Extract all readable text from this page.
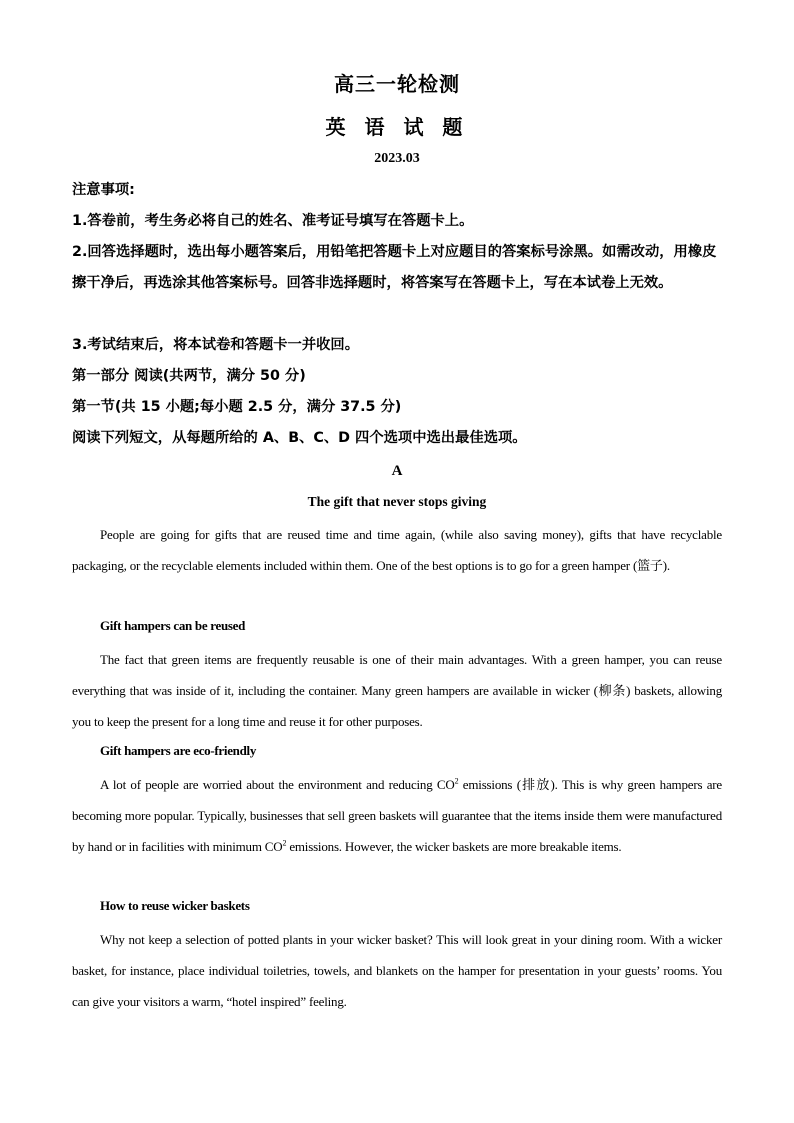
高三一轮检测
英 语 试 题
2023.03
注意事项:
1.答卷前，考生务必将自己的姓名、准考证号填写在答题卡上。
2.回答选择题时，选出每小题答案后，用铅笔把答题卡上对应题目的答案标号涂黑。如需改动，用橡皮擦干净后，再选涂其他答案标号。回答非选择题时，将答案写在答题卡上，写在本试卷上无效。
3.考试结束后，将本试卷和答题卡一并收回。
第一部分 阅读(共两节，满分 50 分)
第一节(共 15 小题;每小题 2.5 分，满分 37.5 分)
阅读下列短文，从每题所给的 A、B、C、D 四个选项中选出最佳选项。
A
The gift that never stops giving

People are going for gifts that are reused time and time again, (while also saving money), gifts that have recyclable packaging, or the recyclable elements included within them. One of the best options is to go for a green hamper (篮子).

Gift hampers can be reused

The fact that green items are frequently reusable is one of their main advantages. With a green hamper, you can reuse everything that was inside of it, including the container. Many green hampers are available in wicker (柳条) baskets, allowing you to keep the present for a long time and reuse it for other purposes.

Gift hampers are eco-friendly

A lot of people are worried about the environment and reducing $CO^2$ emissions (排放). This is why green hampers are becoming more popular. Typically, businesses that sell green baskets will guarantee that the items inside them were manufactured by hand or in facilities with minimum $CO^2$ emissions. However, the wicker baskets are more breakable items.

How to reuse wicker baskets

Why not keep a selection of potted plants in your wicker basket? This will look great in your dining room. With a wicker basket, for instance, place individual toiletries, towels, and blankets on the hamper for presentation in your guests’ rooms. You can give your visitors a warm, “hotel inspired” feeling.
